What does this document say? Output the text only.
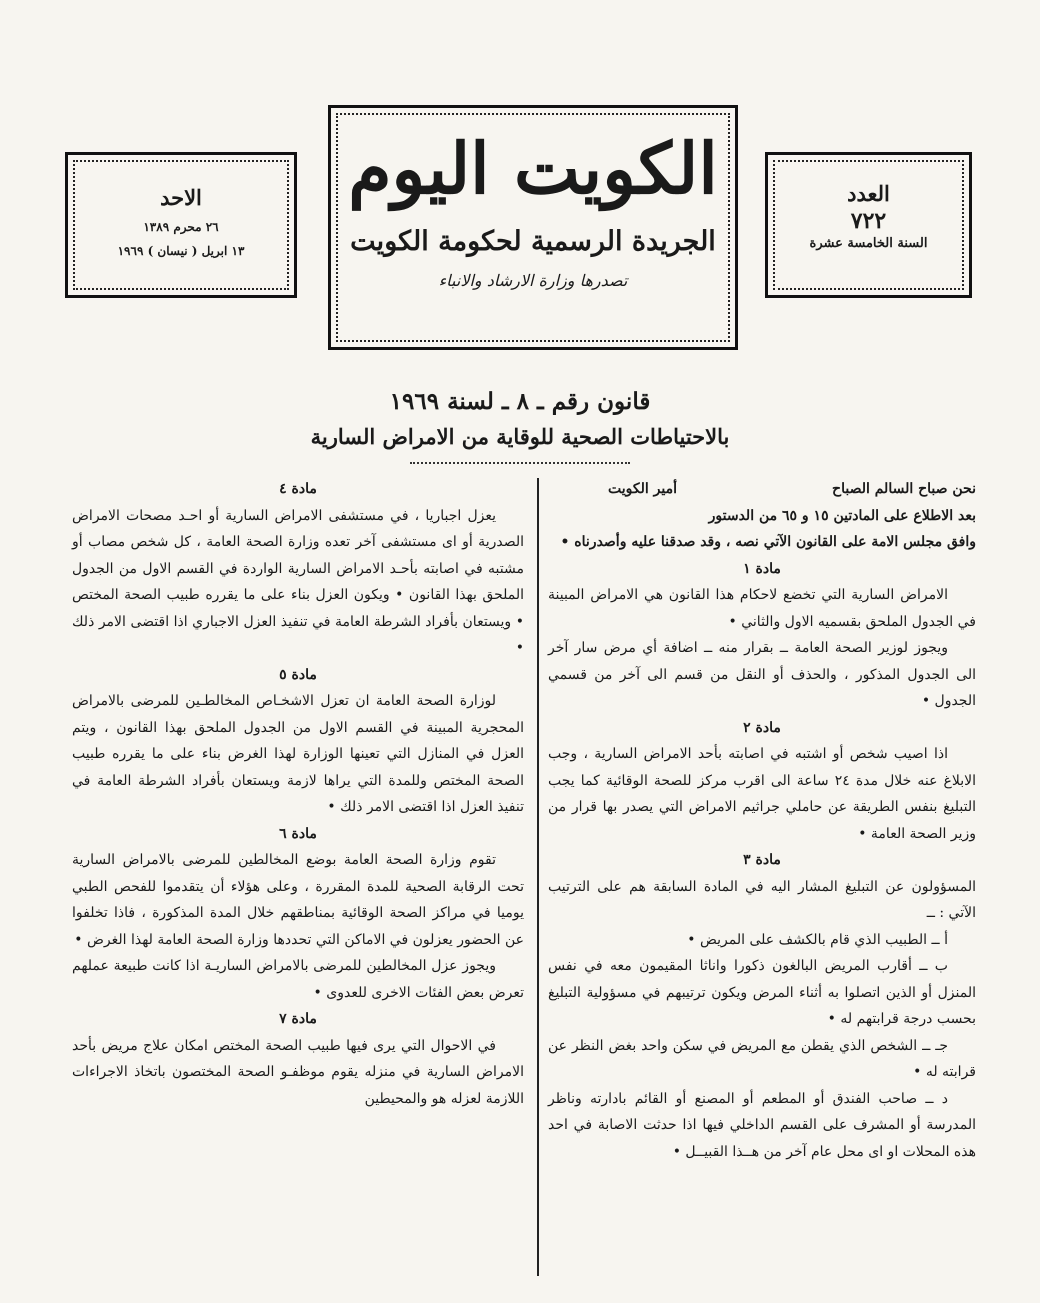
الاحد
٢٦ محرم ١٣٨٩
١٣ ابريل ( نيسان ) ١٩٦٩
الكويت اليوم
الجريدة الرسمية لحكومة الكويت
تصدرها وزارة الارشاد والانباء
العدد
٧٢٢
السنة الخامسة عشرة
قانون رقم ـ ٨ ـ لسنة ١٩٦٩
بالاحتياطات الصحية للوقاية من الامراض السارية
نحن صباح السالم الصباح
أمير الكويت

بعد الاطلاع على المادتين ١٥ و ٦٥ من الدستور

وافق مجلس الامة على القانون الآتي نصه ، وقد صدقنا عليه وأصدرناه •

مادة ١

الامراض السارية التي تخضع لاحكام هذا القانون هي الامراض المبينة في الجدول الملحق بقسميه الاول والثاني •

ويجوز لوزير الصحة العامة ــ بقرار منه ــ اضافة أي مرض سار آخر الى الجدول المذكور ، والحذف أو النقل من قسم الى آخر من قسمي الجدول •

مادة ٢

اذا اصيب شخص أو اشتبه في اصابته بأحد الامراض السارية ، وجب الابلاغ عنه خلال مدة ٢٤ ساعة الى اقرب مركز للصحة الوقائية كما يجب التبليغ بنفس الطريقة عن حاملي جراثيم الامراض التي يصدر بها قرار من وزير الصحة العامة •

مادة ٣

المسؤولون عن التبليغ المشار اليه في المادة السابقة هم على الترتيب الآتي : ــ

أ ــ الطبيب الذي قام بالكشف على المريض •

ب ــ أقارب المريض البالغون ذكورا واناثا المقيمون معه في نفس المنزل أو الذين اتصلوا به أثناء المرض ويكون ترتيبهم في مسؤولية التبليغ بحسب درجة قرابتهم له •

جـ ــ الشخص الذي يقطن مع المريض في سكن واحد بغض النظر عن قرابته له •

د ــ صاحب الفندق أو المطعم أو المصنع أو القائم بادارته وناظر المدرسة أو المشرف على القسم الداخلي فيها اذا حدثت الاصابة في احد هذه المحلات او اى محل عام آخر من هــذا القبيــل •

مادة ٤

يعزل اجباريا ، في مستشفى الامراض السارية أو احـد مصحات الامراض الصدرية أو اى مستشفى آخر تعده وزارة الصحة العامة ، كل شخص مصاب أو مشتبه في اصابته بأحـد الامراض السارية الواردة في القسم الاول من الجدول الملحق بهذا القانون • ويكون العزل بناء على ما يقرره طبيب الصحة المختص • ويستعان بأفراد الشرطة العامة في تنفيذ العزل الاجباري اذا اقتضى الامر ذلك •

مادة ٥

لوزارة الصحة العامة ان تعزل الاشخـاص المخالطـين للمرضى بالامراض المحجرية المبينة في القسم الاول من الجدول الملحق بهذا القانون ، ويتم العزل في المنازل التي تعينها الوزارة لهذا الغرض بناء على ما يقرره طبيب الصحة المختص وللمدة التي يراها لازمة ويستعان بأفراد الشرطة العامة في تنفيذ العزل اذا اقتضى الامر ذلك •

مادة ٦

تقوم وزارة الصحة العامة بوضع المخالطين للمرضى بالامراض السارية تحت الرقابة الصحية للمدة المقررة ، وعلى هؤلاء أن يتقدموا للفحص الطبي يوميا في مراكز الصحة الوقائية بمناطقهم خلال المدة المذكورة ، فاذا تخلفوا عن الحضور يعزلون في الاماكن التي تحددها وزارة الصحة العامة لهذا الغرض •

ويجوز عزل المخالطين للمرضى بالامراض الساريـة اذا كانت طبيعة عملهم تعرض بعض الفئات الاخرى للعدوى •

مادة ٧

في الاحوال التي يرى فيها طبيب الصحة المختص امكان علاج مريض بأحد الامراض السارية في منزله يقوم موظفـو الصحة المختصون باتخاذ الاجراءات اللازمة لعزله هو والمحيطين
